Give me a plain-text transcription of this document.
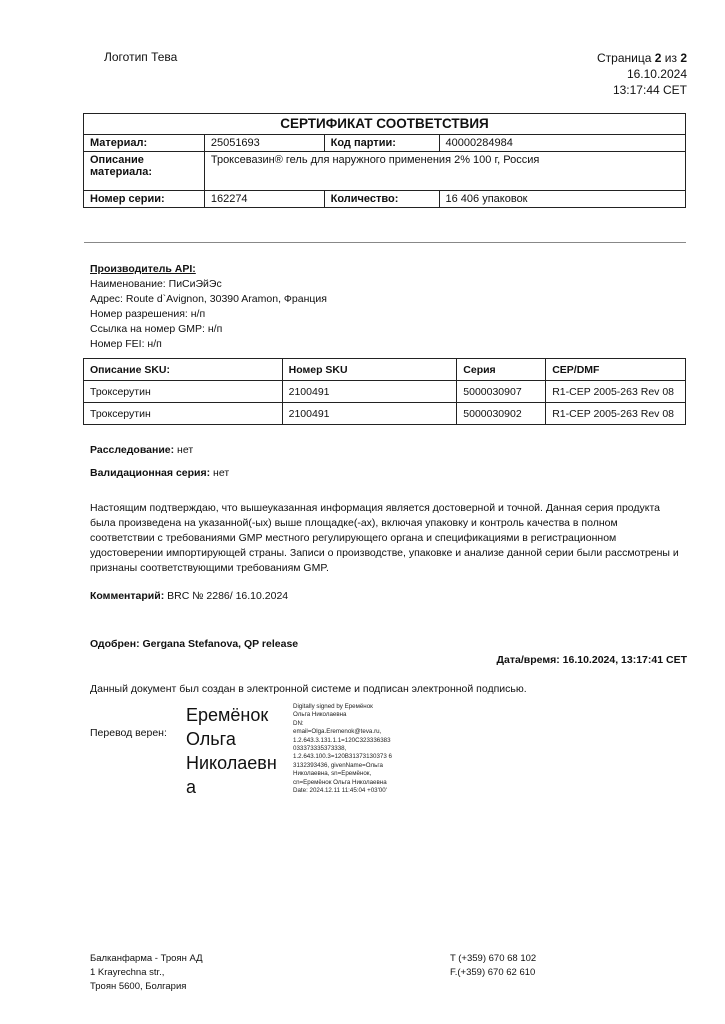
Логотип Тева	Страница 2 из 2
16.10.2024
13:17:44 CET
СЕРТИФИКАТ СООТВЕТСТВИЯ			
Материал:	25051693	Код партии:	40000284984
Описание материала:	Троксевазин® гель для наружного применения 2% 100 г, Россия		
Номер серии:	162274	Количество:	16 406 упаковок
Производитель API:
Наименование: ПиСиЭйЭс
Адрес: Route d`Avignon, 30390 Aramon, Франция
Номер разрешения: н/п
Ссылка на номер GMP: н/п
Номер FEI: н/п
Описание SKU:	Номер SKU	Серия	CEP/DMF
Троксерутин	2100491	5000030907	R1-CEP 2005-263 Rev 08
Троксерутин	2100491	5000030902	R1-CEP 2005-263 Rev 08
Расследование: нет
Валидационная серия: нет
Настоящим подтверждаю, что вышеуказанная информация является достоверной и точной. Данная серия продукта была произведена на указанной(-ых) выше площадке(-ах), включая упаковку и контроль качества в полном соответствии с требованиями GMP местного регулирующего органа и спецификациями в регистрационном удостоверении импортирующей страны. Записи о производстве, упаковке и анализе данной серии были рассмотрены и признаны соответствующими требованиям GMP.
Комментарий: BRC № 2286/ 16.10.2024
Одобрен: Gergana Stefanova, QP release
Дата/время: 16.10.2024, 13:17:41 CET
Данный документ был создан в электронной системе и подписан электронной подписью.
Перевод верен:
Еремёнок
Ольга
Николаевн
а
Digitally signed by Еремёнок
Ольга Николаевна
DN:
email=Olga.Eremenok@teva.ru,
1.2.643.3.131.1.1=120C323336383
033373335373338,
1.2.643.100.3=120B31373130373 6
3132393436, givenName=Ольга
Николаевна, sn=Еремёнок,
cn=Еремёнок Ольга Николаевна
Date: 2024.12.11 11:45:04 +03'00'
Балканфарма - Троян АД
1 Krayrechna str.,
Троян 5600, Болгария
T (+359) 670 68 102
F.(+359) 670 62 610
